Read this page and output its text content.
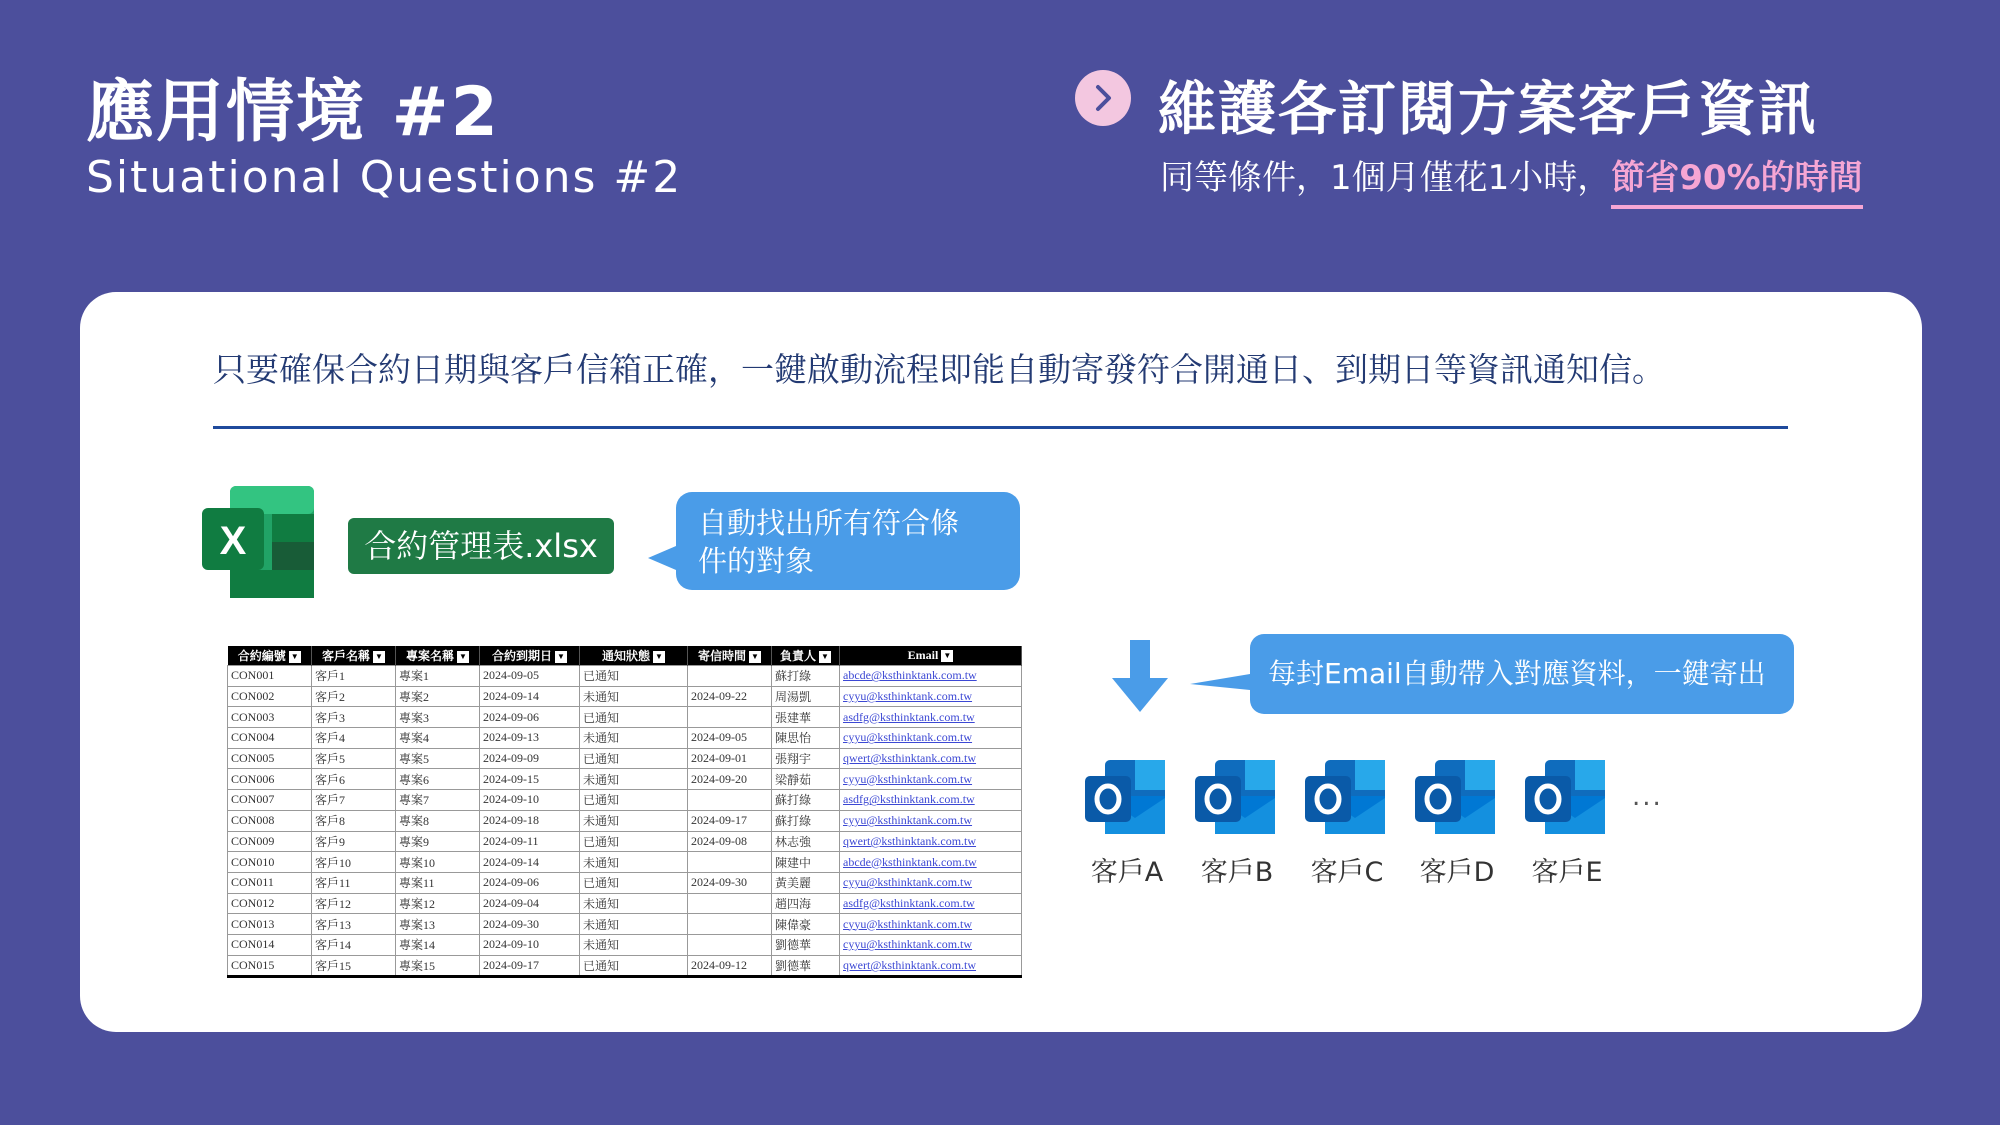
應用情境 #2
Situational Questions #2
維護各訂閱方案客戶資訊
同等條件，1個月僅花1小時，節省90%的時間
只要確保合約日期與客戶信箱正確，一鍵啟動流程即能自動寄發符合開通日、到期日等資訊通知信。
X	合約管理表.xlsx
自動找出所有符合條
件的對象
合約編號 ▼	客戶名稱 ▼	專案名稱 ▼	合約到期日 ▼	通知狀態 ▼	寄信時間 ▼	負責人 ▼	Email ▼
CON001	客戶1	專案1	2024-09-05	已通知		蘇打綠	abcde@ksthinktank.com.tw
CON002	客戶2	專案2	2024-09-14	未通知	2024-09-22	周湯凱	cyyu@ksthinktank.com.tw
CON003	客戶3	專案3	2024-09-06	已通知		張建華	asdfg@ksthinktank.com.tw
CON004	客戶4	專案4	2024-09-13	未通知	2024-09-05	陳思怡	cyyu@ksthinktank.com.tw
CON005	客戶5	專案5	2024-09-09	已通知	2024-09-01	張翔宇	qwert@ksthinktank.com.tw
CON006	客戶6	專案6	2024-09-15	未通知	2024-09-20	梁靜茹	cyyu@ksthinktank.com.tw
CON007	客戶7	專案7	2024-09-10	已通知		蘇打綠	asdfg@ksthinktank.com.tw
CON008	客戶8	專案8	2024-09-18	未通知	2024-09-17	蘇打綠	cyyu@ksthinktank.com.tw
CON009	客戶9	專案9	2024-09-11	已通知	2024-09-08	林志強	qwert@ksthinktank.com.tw
CON010	客戶10	專案10	2024-09-14	未通知		陳建中	abcde@ksthinktank.com.tw
CON011	客戶11	專案11	2024-09-06	已通知	2024-09-30	黃美麗	cyyu@ksthinktank.com.tw
CON012	客戶12	專案12	2024-09-04	未通知		趙四海	asdfg@ksthinktank.com.tw
CON013	客戶13	專案13	2024-09-30	未通知		陳偉豪	cyyu@ksthinktank.com.tw
CON014	客戶14	專案14	2024-09-10	未通知		劉德華	cyyu@ksthinktank.com.tw
CON015	客戶15	專案15	2024-09-17	已通知	2024-09-12	劉德華	qwert@ksthinktank.com.tw
每封Email自動帶入對應資料，一鍵寄出
客戶A	客戶B	客戶C	客戶D	客戶E
...
